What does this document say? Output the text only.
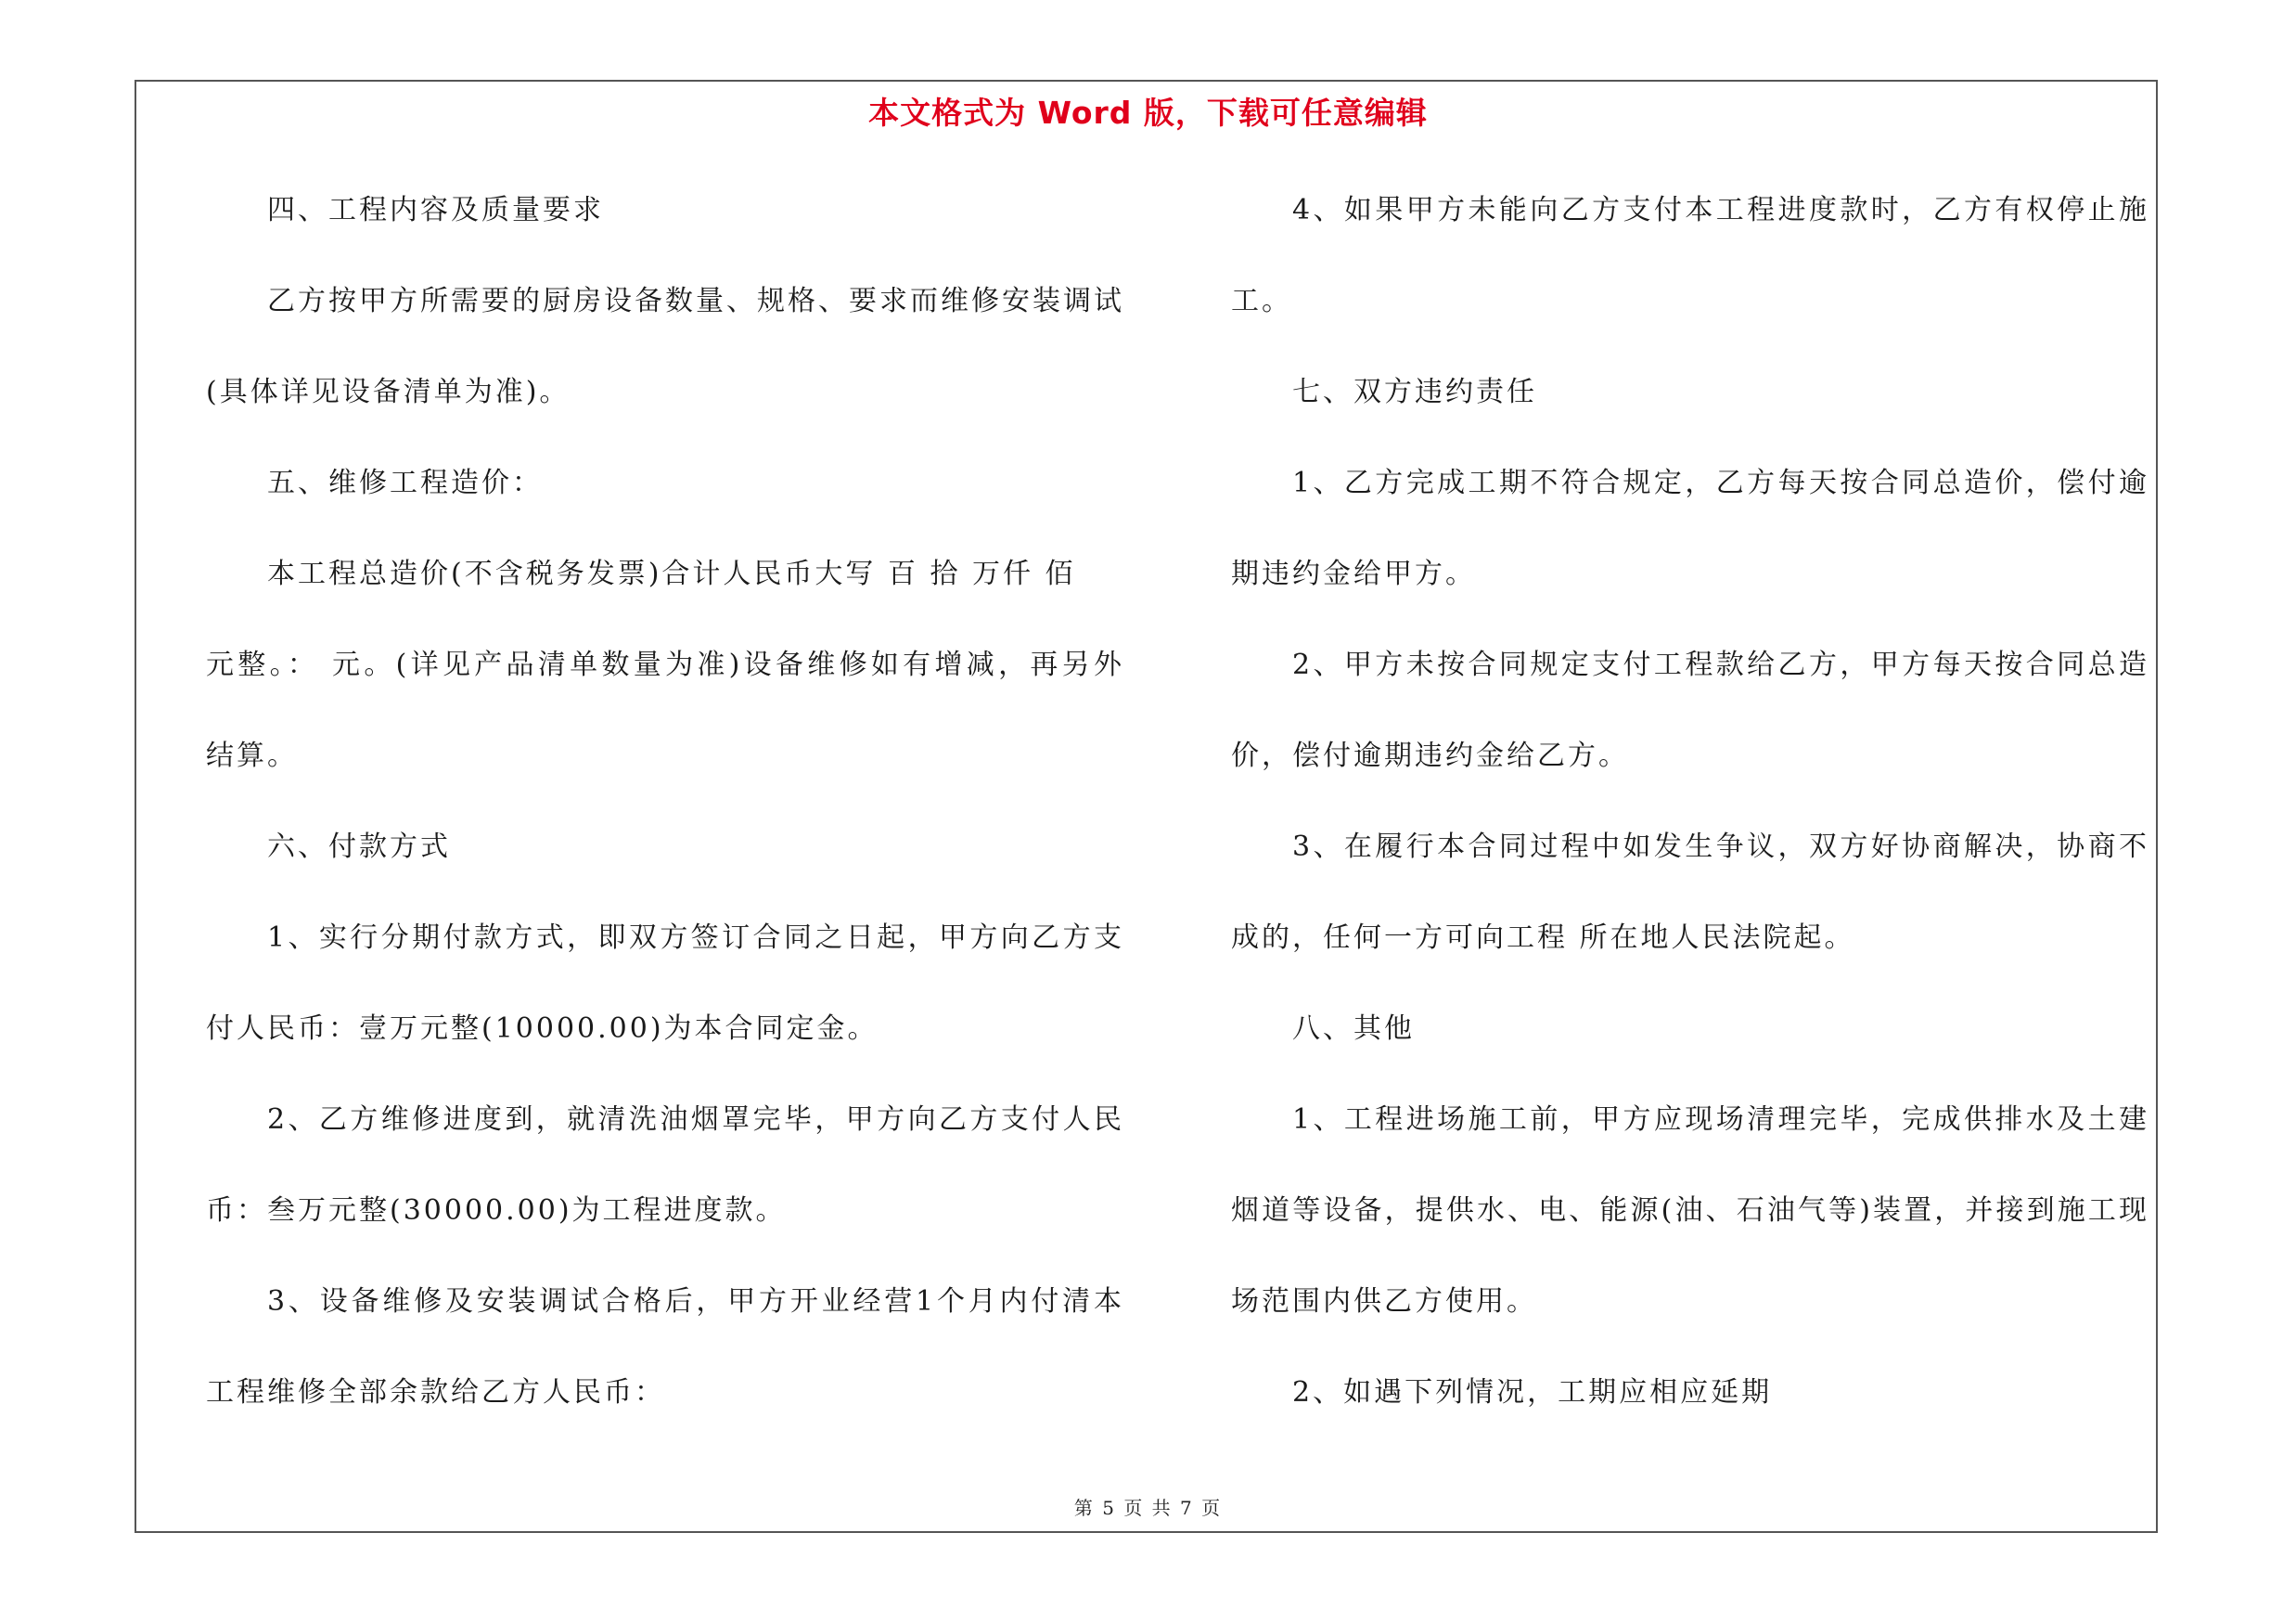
本文格式为 Word 版，下载可任意编辑
四、工程内容及质量要求
乙方按甲方所需要的厨房设备数量、规格、要求而维修安装调试
(具体详见设备清单为准)。
五、维修工程造价：
本工程总造价(不含税务发票)合计人民币大写 百 拾 万仟 佰
元整。： 元。(详见产品清单数量为准)设备维修如有增减，再另外
结算。
六、付款方式
1、实行分期付款方式，即双方签订合同之日起，甲方向乙方支
付人民币：壹万元整(10000.00)为本合同定金。
2、乙方维修进度到，就清洗油烟罩完毕，甲方向乙方支付人民
币：叁万元整(30000.00)为工程进度款。
3、设备维修及安装调试合格后，甲方开业经营1个月内付清本
工程维修全部余款给乙方人民币：
4、如果甲方未能向乙方支付本工程进度款时，乙方有权停止施
工。
七、双方违约责任
1、乙方完成工期不符合规定，乙方每天按合同总造价，偿付逾
期违约金给甲方。
2、甲方未按合同规定支付工程款给乙方，甲方每天按合同总造
价，偿付逾期违约金给乙方。
3、在履行本合同过程中如发生争议，双方好协商解决，协商不
成的，任何一方可向工程 所在地人民法院起。
八、其他
1、工程进场施工前，甲方应现场清理完毕，完成供排水及土建
烟道等设备，提供水、电、能源(油、石油气等)装置，并接到施工现
场范围内供乙方使用。
2、如遇下列情况，工期应相应延期
第 5 页 共 7 页
